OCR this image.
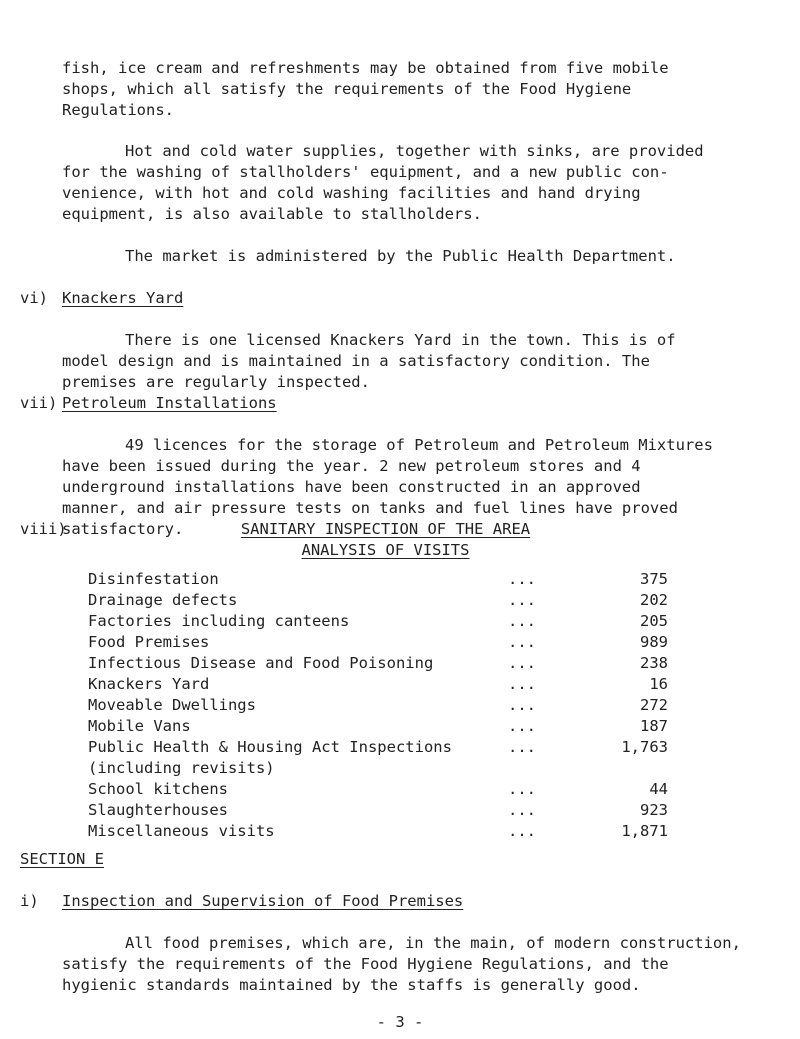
fish, ice cream and refreshments may be obtained from five mobile
shops, which all satisfy the requirements of the Food Hygiene
Regulations.

Hot and cold water supplies, together with sinks, are provided
for the washing of stallholders' equipment, and a new public con-
venience, with hot and cold washing facilities and hand drying
equipment, is also available to stallholders.

The market is administered by the Public Health Department.

vi) Knackers Yard

There is one licensed Knackers Yard in the town. This is of
model design and is maintained in a satisfactory condition. The
premises are regularly inspected.

vii) Petroleum Installations

49 licences for the storage of Petroleum and Petroleum Mixtures
have been issued during the year. 2 new petroleum stores and 4
underground installations have been constructed in an approved
manner, and air pressure tests on tanks and fuel lines have proved
satisfactory.

viii)	SANITARY INSPECTION OF THE AREA
ANALYSIS OF VISITS
Disinfestation	...	375
Drainage defects	...	202
Factories including canteens	...	205
Food Premises	...	989
Infectious Disease and Food Poisoning	...	238
Knackers Yard	...	16
Moveable Dwellings	...	272
Mobile Vans	...	187
Public Health & Housing Act Inspections
(including revisits)	...	1,763
School kitchens	...	44
Slaughterhouses	...	923
Miscellaneous visits	...	1,871
SECTION E
i) Inspection and Supervision of Food Premises

All food premises, which are, in the main, of modern construction,
satisfy the requirements of the Food Hygiene Regulations, and the
hygienic standards maintained by the staffs is generally good.

- 3 -
